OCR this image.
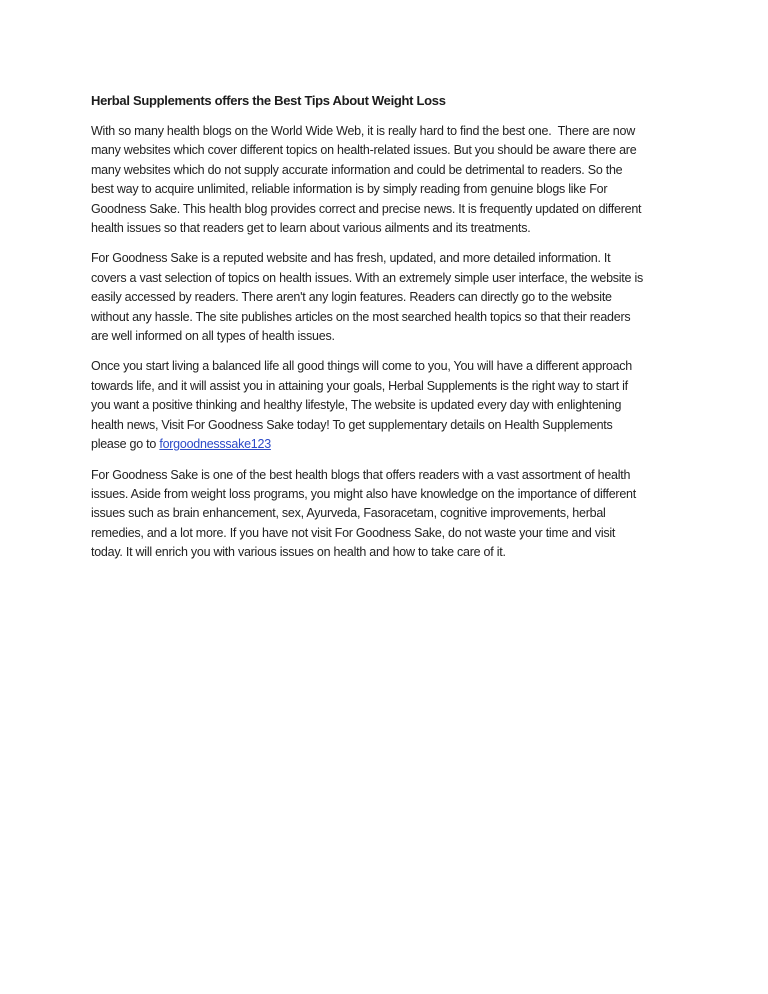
Herbal Supplements offers the Best Tips About Weight Loss
With so many health blogs on the World Wide Web, it is really hard to find the best one.  There are now
many websites which cover different topics on health-related issues. But you should be aware there are
many websites which do not supply accurate information and could be detrimental to readers. So the
best way to acquire unlimited, reliable information is by simply reading from genuine blogs like For
Goodness Sake. This health blog provides correct and precise news. It is frequently updated on different
health issues so that readers get to learn about various ailments and its treatments.
For Goodness Sake is a reputed website and has fresh, updated, and more detailed information. It
covers a vast selection of topics on health issues. With an extremely simple user interface, the website is
easily accessed by readers. There aren't any login features. Readers can directly go to the website
without any hassle. The site publishes articles on the most searched health topics so that their readers
are well informed on all types of health issues.
Once you start living a balanced life all good things will come to you, You will have a different approach
towards life, and it will assist you in attaining your goals, Herbal Supplements is the right way to start if
you want a positive thinking and healthy lifestyle, The website is updated every day with enlightening
health news, Visit For Goodness Sake today! To get supplementary details on Health Supplements
please go to forgoodnesssake123
For Goodness Sake is one of the best health blogs that offers readers with a vast assortment of health
issues. Aside from weight loss programs, you might also have knowledge on the importance of different
issues such as brain enhancement, sex, Ayurveda, Fasoracetam, cognitive improvements, herbal
remedies, and a lot more. If you have not visit For Goodness Sake, do not waste your time and visit
today. It will enrich you with various issues on health and how to take care of it.
